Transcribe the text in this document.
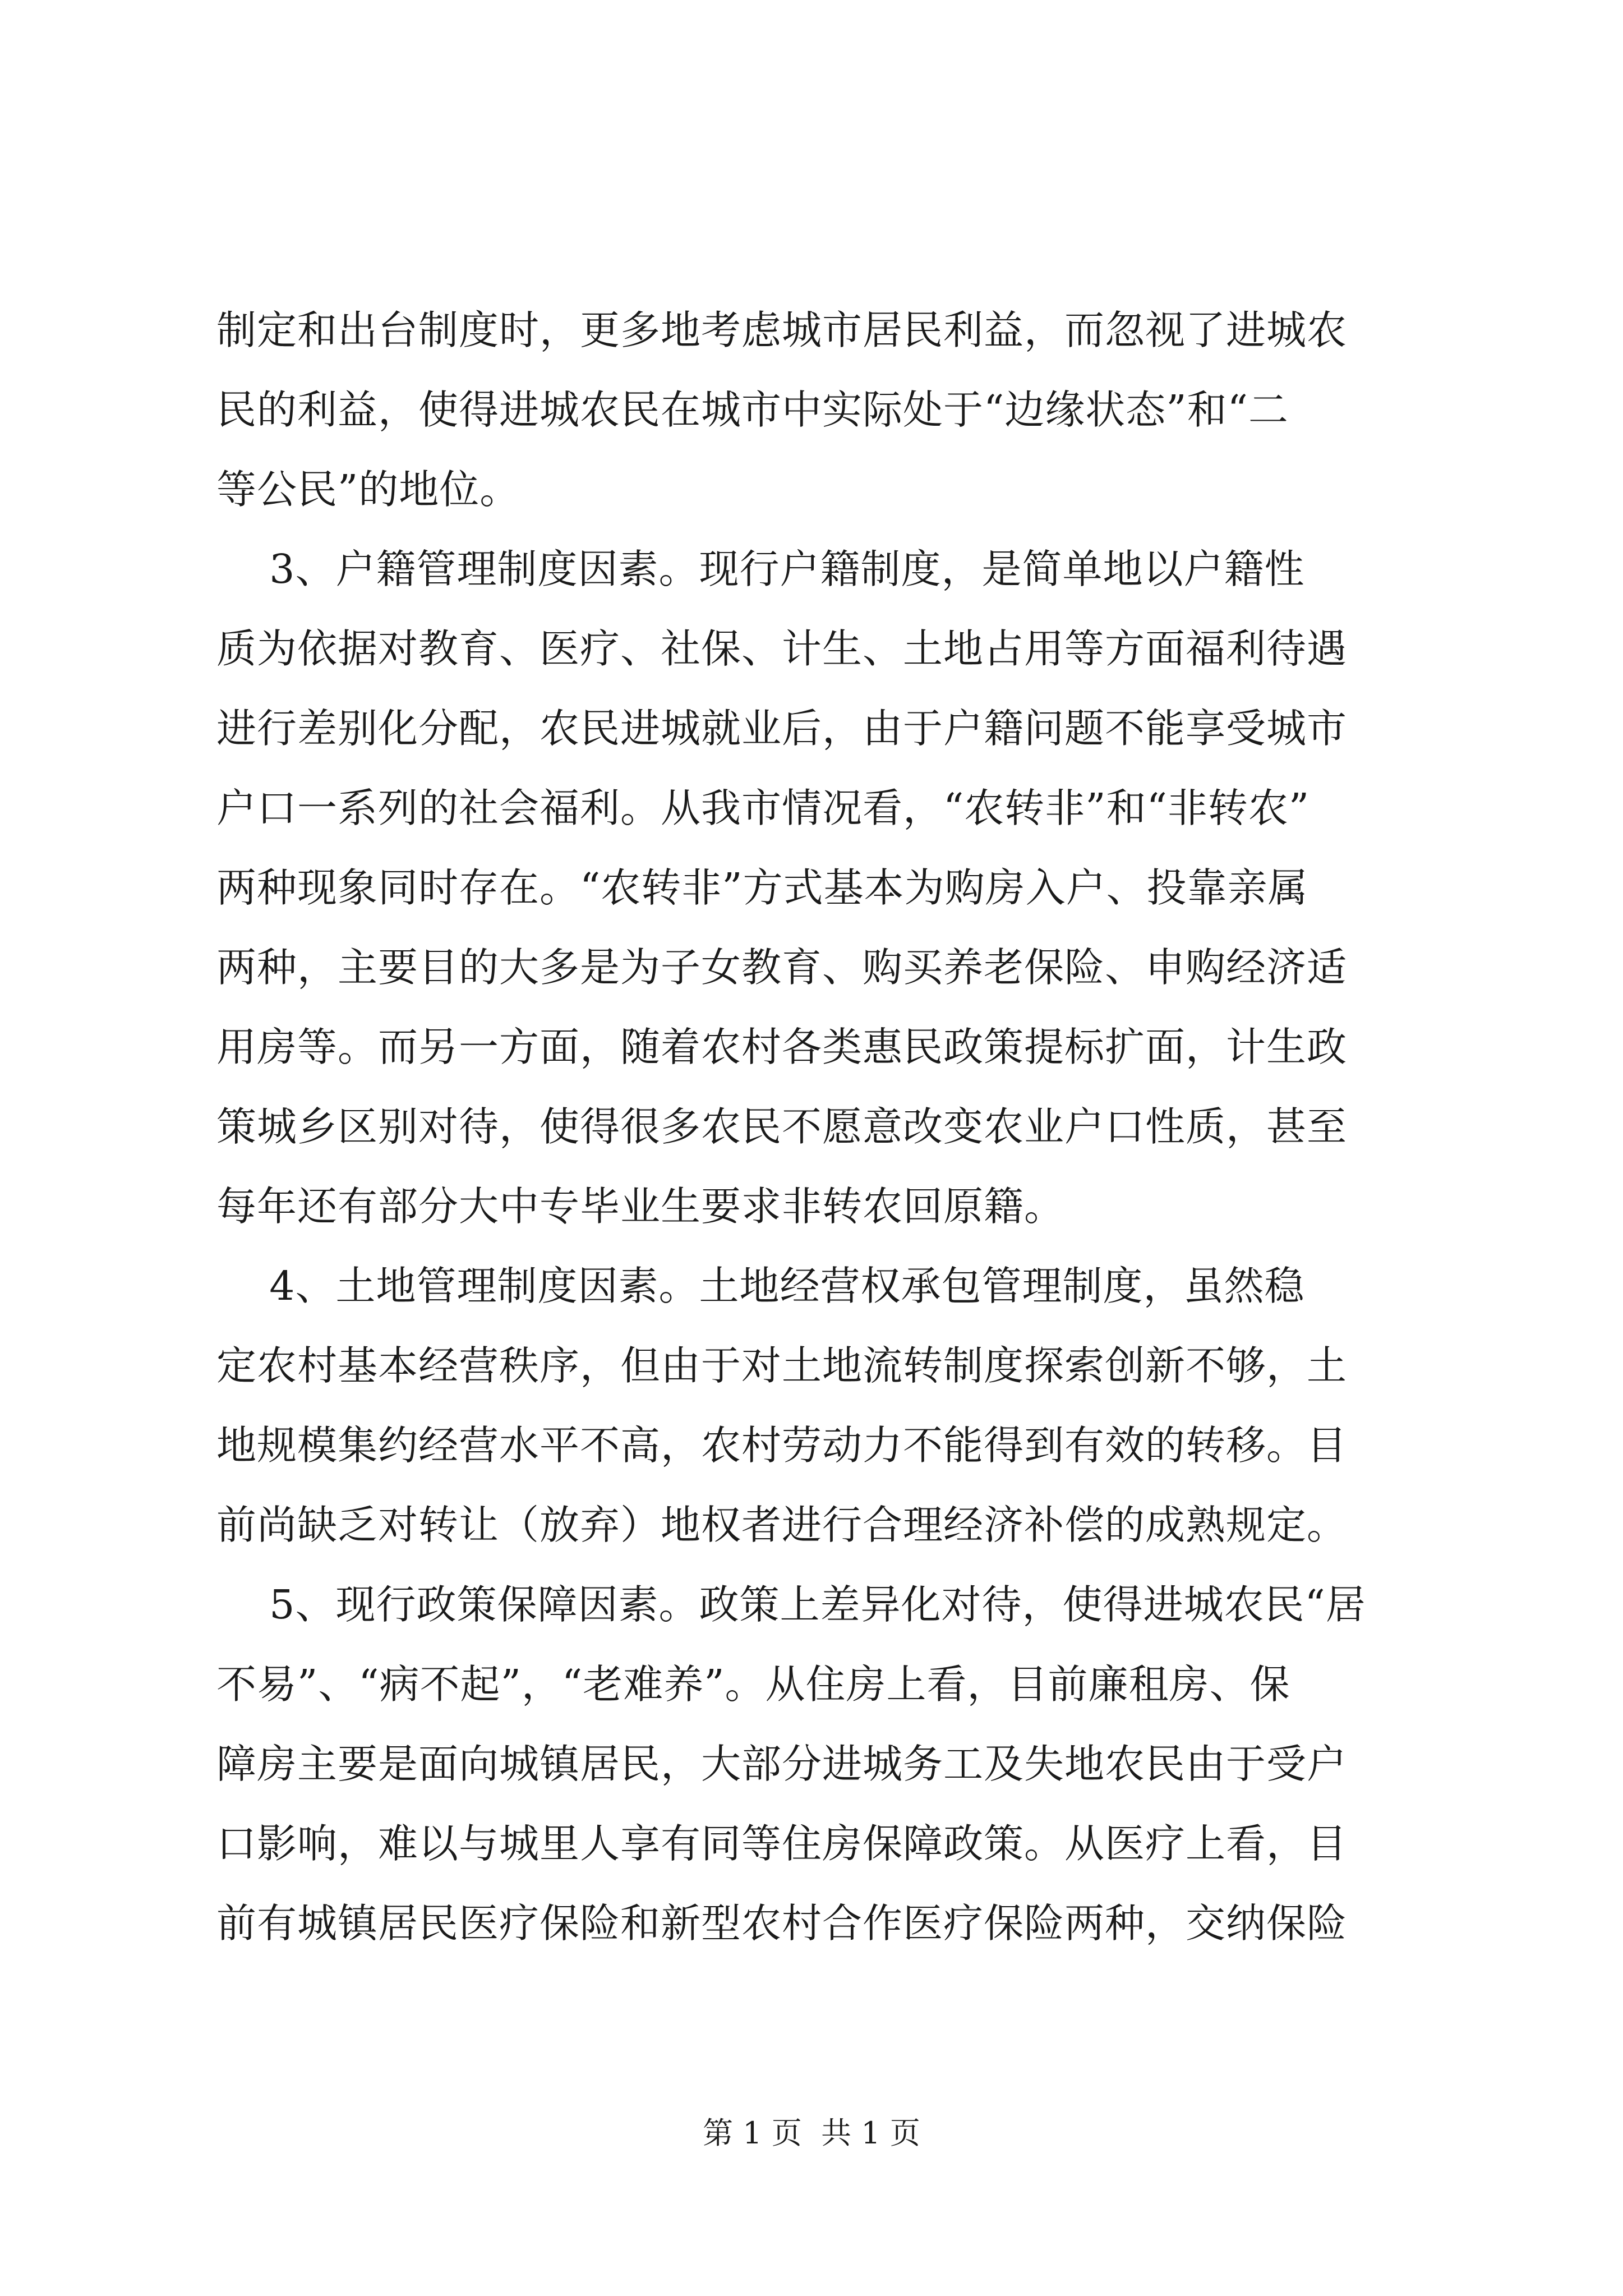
制定和出台制度时，更多地考虑城市居民利益，而忽视了进城农
民的利益，使得进城农民在城市中实际处于“边缘状态”和“二
等公民”的地位。
3、户籍管理制度因素。现行户籍制度，是简单地以户籍性
质为依据对教育、医疗、社保、计生、土地占用等方面福利待遇
进行差别化分配，农民进城就业后，由于户籍问题不能享受城市
户口一系列的社会福利。从我市情况看，“农转非”和“非转农”
两种现象同时存在。“农转非”方式基本为购房入户、投靠亲属
两种，主要目的大多是为子女教育、购买养老保险、申购经济适
用房等。而另一方面，随着农村各类惠民政策提标扩面，计生政
策城乡区别对待，使得很多农民不愿意改变农业户口性质，甚至
每年还有部分大中专毕业生要求非转农回原籍。
4、土地管理制度因素。土地经营权承包管理制度，虽然稳
定农村基本经营秩序，但由于对土地流转制度探索创新不够，土
地规模集约经营水平不高，农村劳动力不能得到有效的转移。目
前尚缺乏对转让（放弃）地权者进行合理经济补偿的成熟规定。
5、现行政策保障因素。政策上差异化对待，使得进城农民“居
不易”、“病不起”，“老难养”。从住房上看，目前廉租房、保
障房主要是面向城镇居民，大部分进城务工及失地农民由于受户
口影响，难以与城里人享有同等住房保障政策。从医疗上看，目
前有城镇居民医疗保险和新型农村合作医疗保险两种，交纳保险
第 1 页  共 1 页
